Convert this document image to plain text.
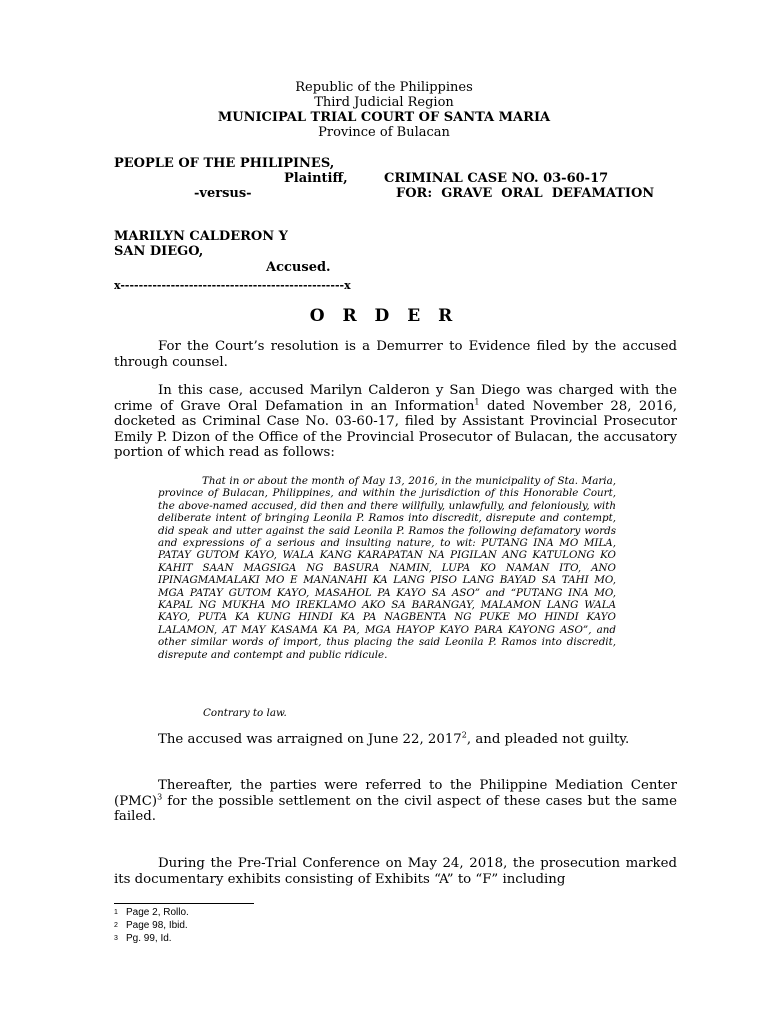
Republic of the Philippines
Third Judicial Region
MUNICIPAL TRIAL COURT OF SANTA MARIA
Province of Bulacan
PEOPLE OF THE PHILIPINES,
Plaintiff,	CRIMINAL CASE NO. 03-60-17
-versus-	FOR:  GRAVE  ORAL  DEFAMATION
MARILYN CALDERON Y
SAN DIEGO,
Accused.
x-------------------------------------------------x
O R D E R
For the Court’s resolution is a Demurrer to Evidence filed by the accused through counsel.
In this case, accused Marilyn Calderon y San Diego was charged with the crime of Grave Oral Defamation in an Information$^1$ dated November 28, 2016, docketed as Criminal Case No. 03-60-17, filed by Assistant Provincial Prosecutor Emily P. Dizon of the Office of the Provincial Prosecutor of Bulacan, the accusatory portion of which read as follows:
That in or about the month of May 13, 2016, in the municipality of Sta. Maria, province of Bulacan, Philippines, and within the jurisdiction of this Honorable Court, the above-named accused, did then and there willfully, unlawfully, and feloniously, with deliberate intent of bringing Leonila P. Ramos into discredit, disrepute and contempt, did speak and utter against the said Leonila P. Ramos the following defamatory words and expressions of a serious and insulting nature, to wit: PUTANG INA MO MILA, PATAY GUTOM KAYO, WALA KANG KARAPATAN NA PIGILAN ANG KATULONG KO KAHIT SAAN MAGSIGA NG BASURA NAMIN, LUPA KO NAMAN ITO, ANO IPINAGMAMALAKI MO E MANANAHI KA LANG PISO LANG BAYAD SA TAHI MO, MGA PATAY GUTOM KAYO, MASAHOL PA KAYO SA ASO” and “PUTANG INA MO, KAPAL NG MUKHA MO IREKLAMO AKO SA BARANGAY, MALAMON LANG WALA KAYO, PUTA KA KUNG HINDI KA PA NAGBENTA NG PUKE MO HINDI KAYO LALAMON, AT MAY KASAMA KA PA, MGA HAYOP KAYO PARA KAYONG ASO”, and other similar words of import, thus placing the said Leonila P. Ramos into discredit, disrepute and contempt and public ridicule.
Contrary to law.
The accused was arraigned on June 22, 2017$^2$, and pleaded not guilty.
Thereafter, the parties were referred to the Philippine Mediation Center (PMC)$^3$ for the possible settlement on the civil aspect of these cases but the same failed.
During the Pre-Trial Conference on May 24, 2018, the prosecution marked its documentary exhibits consisting of Exhibits “A” to “F” including
1 Page 2, Rollo.
2 Page 98, Ibid.
3 Pg. 99, Id.
